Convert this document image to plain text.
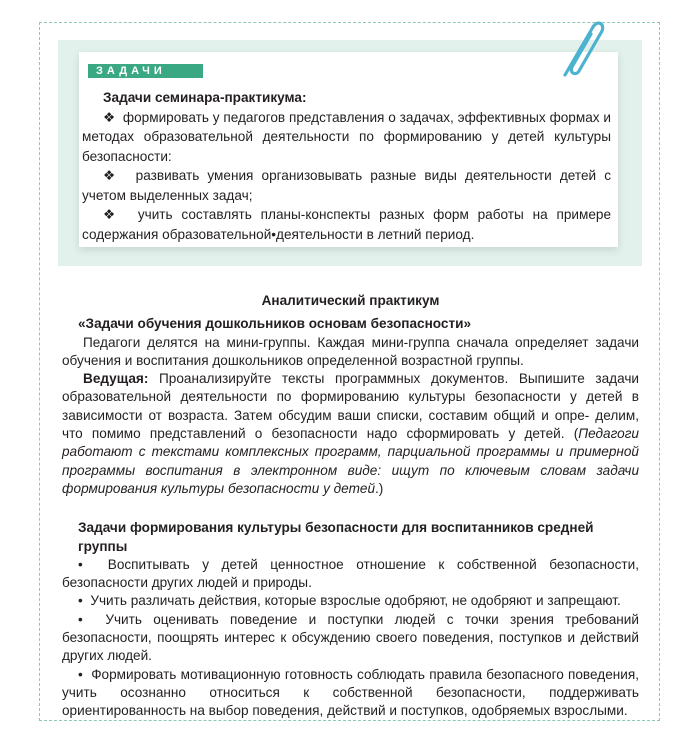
ЗАДАЧИ

Задачи семинара-практикума:

❖ формировать у педагогов представления о задачах, эффективных формах и методах образовательной деятельности по формированию у детей культуры безопасности:

❖ развивать умения организовывать разные виды деятельности детей с учетом выделенных задач;

❖ учить составлять планы-конспекты разных форм работы на примере содержания образовательной•деятельности в летний период.

Аналитический практикум

«Задачи обучения дошкольников основам безопасности»

Педагоги делятся на мини-группы. Каждая мини-группа сначала определяет задачи обучения и воспитания дошкольников определенной возрастной группы.

Ведущая: Проанализируйте тексты программных документов. Выпишите задачи образовательной деятельности по формированию культуры безопасности у детей в зависимости от возраста. Затем обсудим ваши списки, составим общий и опре- делим, что помимо представлений о безопасности надо сформировать у детей. (Педагоги работают с текстами комплексных программ, парциальной программы и примерной программы воспитания в электронном виде: ищут по ключевым словам задачи формирования культуры безопасности у детей.)

Задачи формирования культуры безопасности для воспитанников средней группы

• Воспитывать у детей ценностное отношение к собственной безопасности, безопасности других людей и природы.

• Учить различать действия, которые взрослые одобряют, не одобряют и запрещают.

• Учить оценивать поведение и поступки людей с точки зрения требований безопасности, поощрять интерес к обсуждению своего поведения, поступков и действий других людей.

• Формировать мотивационную готовность соблюдать правила безопасного поведения, учить осознанно относиться к собственной безопасности, поддерживать ориентированность на выбор поведения, действий и поступков, одобряемых взрослыми.
